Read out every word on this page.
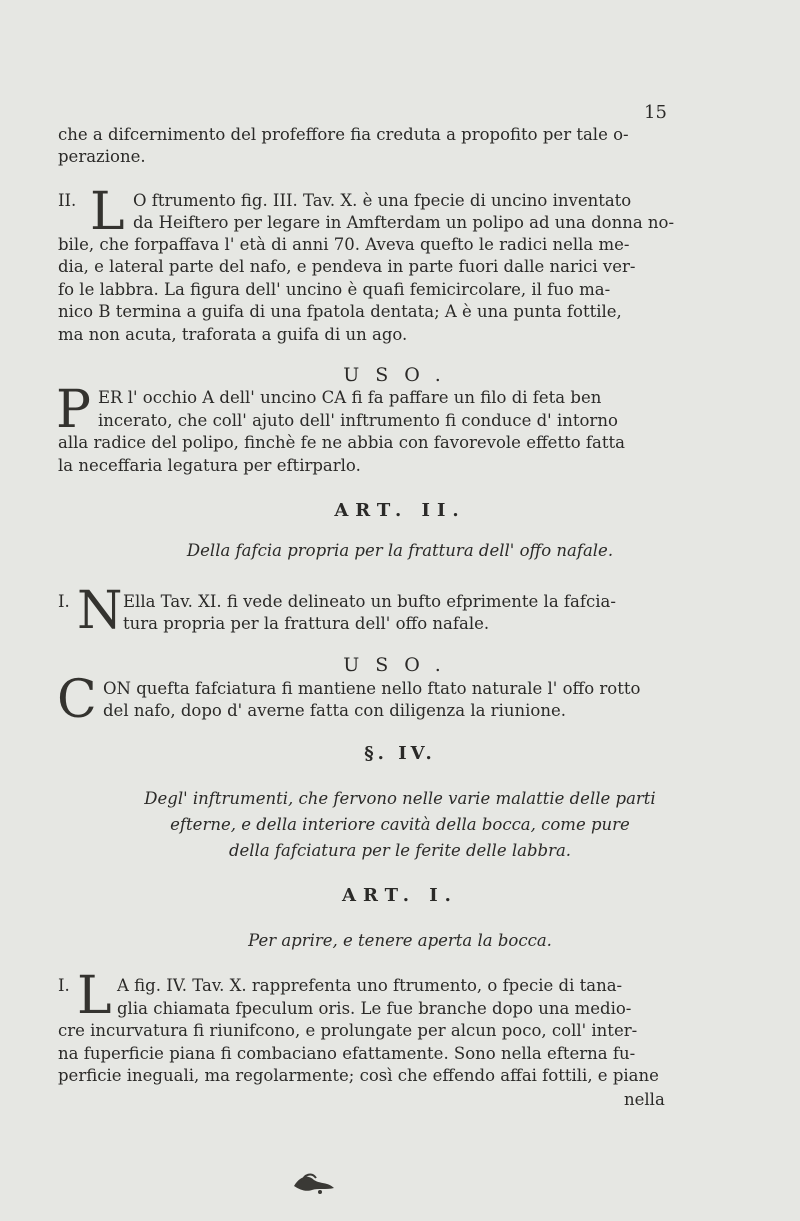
15
che a difcernimento del profeffore fia creduta a propofito per tale o-
perazione.
II. L O ftrumento fig. III. Tav. X. è una fpecie di uncino inventato
da Heiftero per legare in Amfterdam un polipo ad una donna no-
bile, che forpaffava l' età di anni 70. Aveva quefto le radici nella me-
dia, e lateral parte del nafo, e pendeva in parte fuori dalle narici ver-
fo le labbra. La figura dell' uncino è quafi femicircolare, il fuo ma-
nico B termina a guifa di una fpatola dentata; A è una punta fottile,
ma non acuta, traforata a guifa di un ago.
USO.
P ER l' occhio A dell' uncino CA fi fa paffare un filo di feta ben
incerato, che coll' ajuto dell' inftrumento fi conduce d' intorno
alla radice del polipo, finchè fe ne abbia con favorevole effetto fatta
la neceffaria legatura per eftirparlo.
ART. II.
Della fafcia propria per la frattura dell' offo nafale.
I. N Ella Tav. XI. fi vede delineato un bufto efprimente la fafcia-
tura propria per la frattura dell' offo nafale.
USO.
C ON quefta fafciatura fi mantiene nello ftato naturale l' offo rotto
del nafo, dopo d' averne fatta con diligenza la riunione.
§. IV.
Degl' inftrumenti, che fervono nelle varie malattie delle parti
efterne, e della interiore cavità della bocca, come pure
della fafciatura per le ferite delle labbra.
ART. I.
Per aprire, e tenere aperta la bocca.
I. L A fig. IV. Tav. X. rapprefenta uno ftrumento, o fpecie di tana-
glia chiamata fpeculum oris. Le fue branche dopo una medio-
cre incurvatura fi riunifcono, e prolungate per alcun poco, coll' inter-
na fuperficie piana fi combaciano efattamente. Sono nella efterna fu-
perficie ineguali, ma regolarmente; così che effendo affai fottili, e piane
nella
